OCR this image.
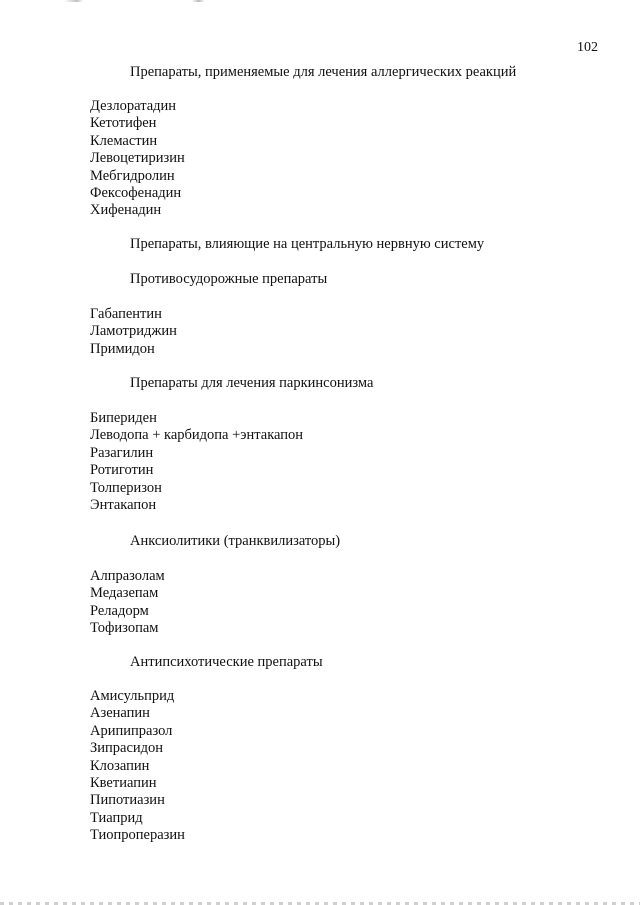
102
Препараты, применяемые для лечения аллергических реакций
Дезлоратадин
Кетотифен
Клемастин
Левоцетиризин
Мебгидролин
Фексофенадин
Хифенадин
Препараты, влияющие на центральную нервную систему
Противосудорожные препараты
Габапентин
Ламотриджин
Примидон
Препараты для лечения паркинсонизма
Бипериден
Леводопа + карбидопа +энтакапон
Разагилин
Ротиготин
Толперизон
Энтакапон
Анксиолитики (транквилизаторы)
Алпразолам
Медазепам
Реладорм
Тофизопам
Антипсихотические препараты
Амисульприд
Азенапин
Арипипразол
Зипрасидон
Клозапин
Кветиапин
Пипотиазин
Тиаприд
Тиопроперазин
